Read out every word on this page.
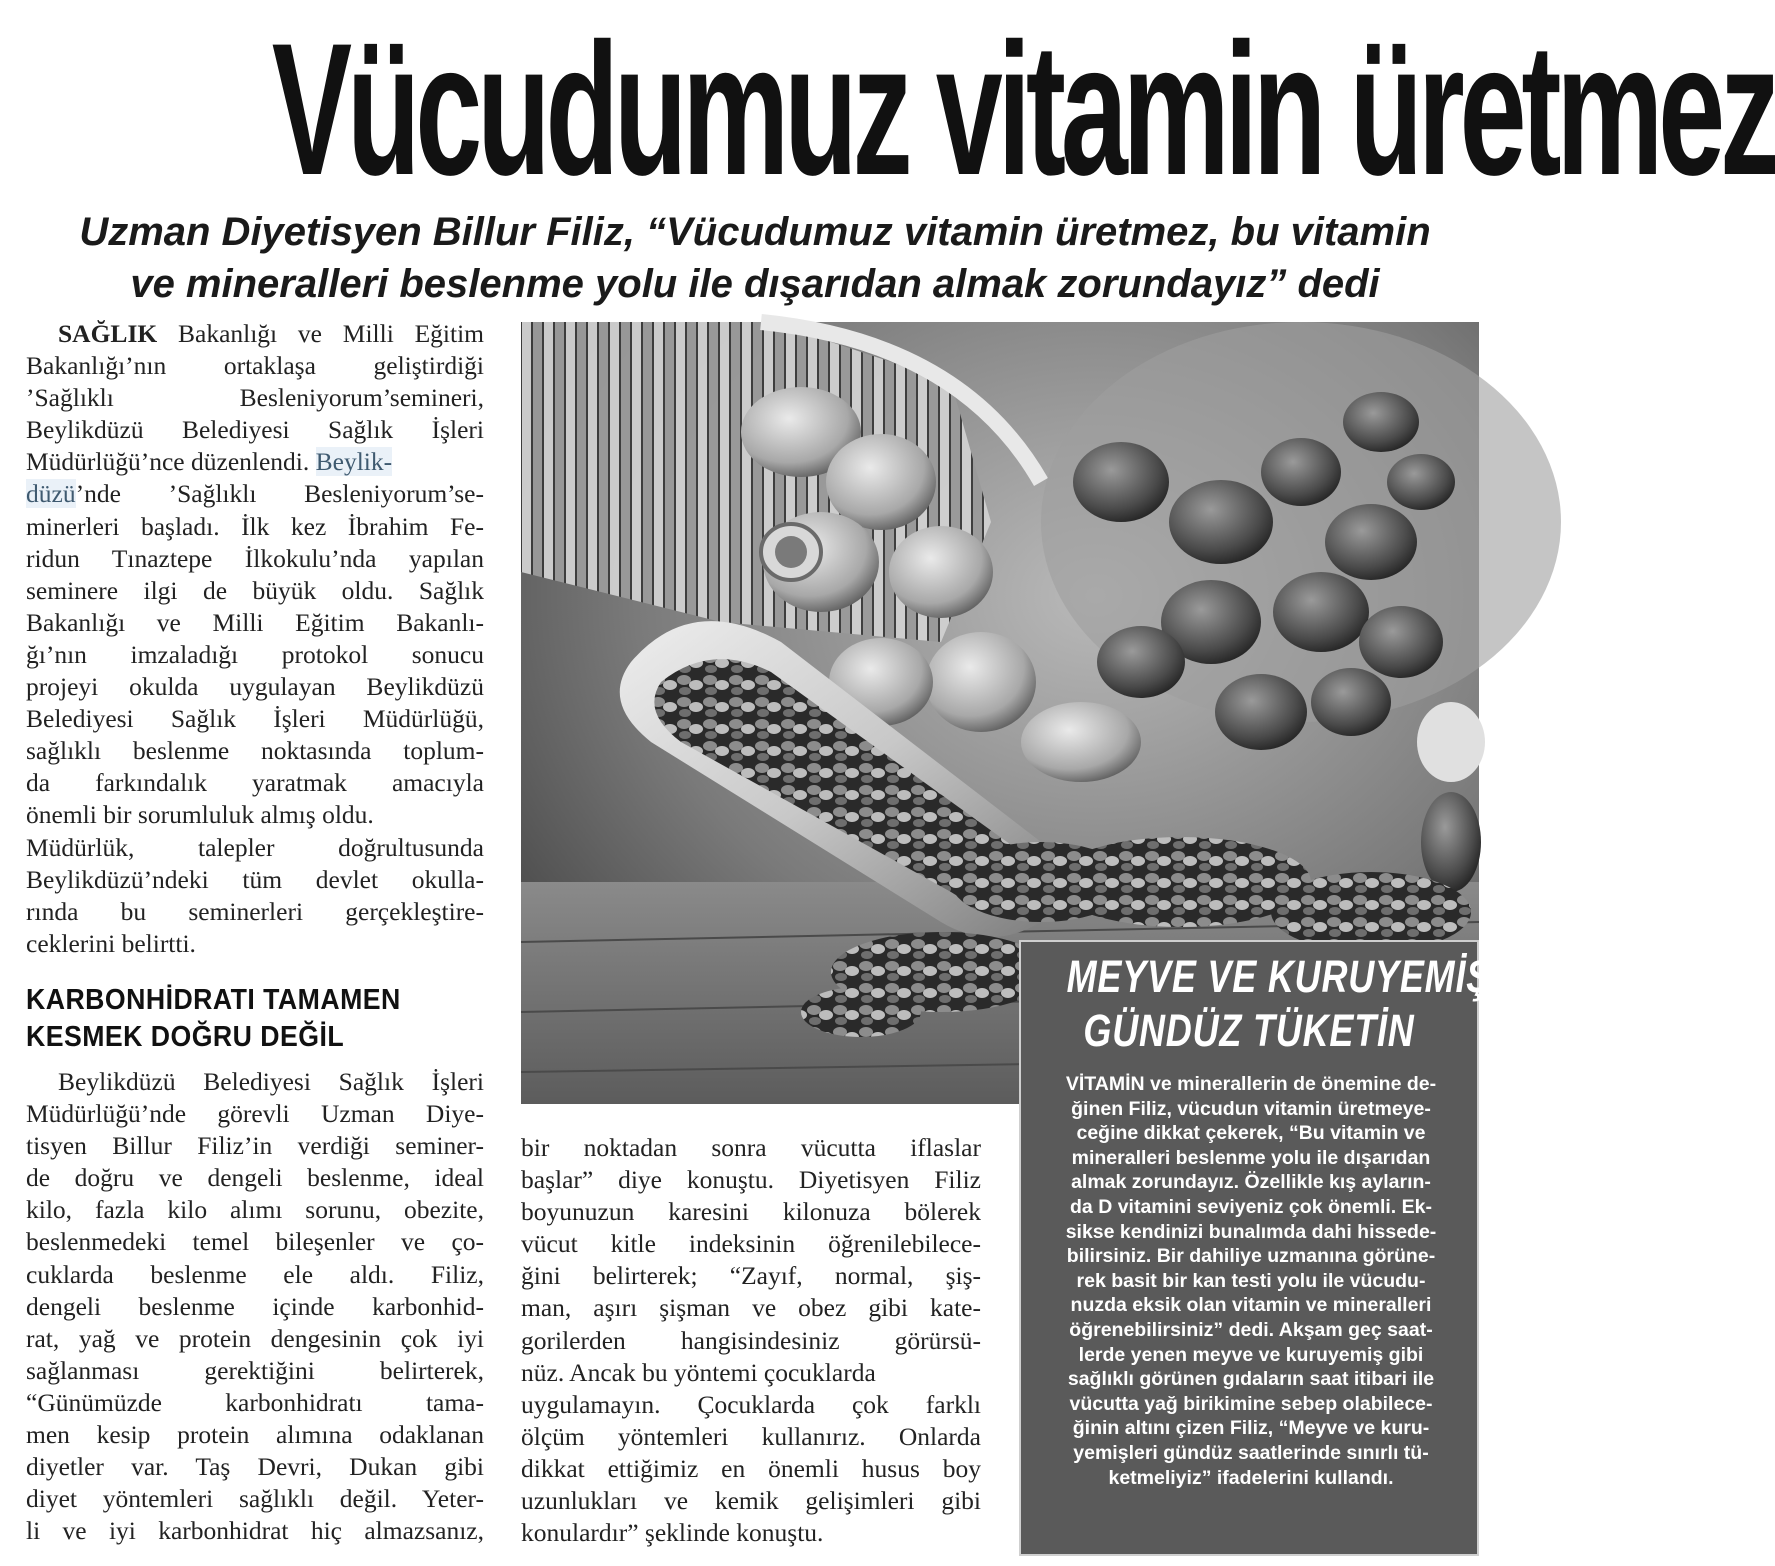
Vücudumuz vitamin üretmez
Uzman Diyetisyen Billur Filiz, “Vücudumuz vitamin üretmez, bu vitamin
ve mineralleri beslenme yolu ile dışarıdan almak zorundayız” dedi

SAĞLIK Bakanlığı ve Milli Eğitim

Bakanlığı’nın ortaklaşa geliştirdiği

’Sağlıklı Besleniyorum’semineri,

Beylikdüzü Belediyesi Sağlık İşleri

Müdürlüğü’nce düzenlendi. Beylik-

düzü’nde ’Sağlıklı Besleniyorum’se-

minerleri başladı. İlk kez İbrahim Fe-

ridun Tınaztepe İlkokulu’nda yapılan

seminere ilgi de büyük oldu. Sağlık

Bakanlığı ve Milli Eğitim Bakanlı-

ğı’nın imzaladığı protokol sonucu

projeyi okulda uygulayan Beylikdüzü

Belediyesi Sağlık İşleri Müdürlüğü,

sağlıklı beslenme noktasında toplum-

da farkındalık yaratmak amacıyla

önemli bir sorumluluk almış oldu.

Müdürlük, talepler doğrultusunda

Beylikdüzü’ndeki tüm devlet okulla-

rında bu seminerleri gerçekleştire-

ceklerini belirtti.

KARBONHİDRATI TAMAMEN
KESMEK DOĞRU DEĞİL

Beylikdüzü Belediyesi Sağlık İşleri

Müdürlüğü’nde görevli Uzman Diye-

tisyen Billur Filiz’in verdiği seminer-

de doğru ve dengeli beslenme, ideal

kilo, fazla kilo alımı sorunu, obezite,

beslenmedeki temel bileşenler ve ço-

cuklarda beslenme ele aldı. Filiz,

dengeli beslenme içinde karbonhid-

rat, yağ ve protein dengesinin çok iyi

sağlanması gerektiğini belirterek,

“Günümüzde karbonhidratı tama-

men kesip protein alımına odaklanan

diyetler var. Taş Devri, Dukan gibi

diyet yöntemleri sağlıklı değil. Yeter-

li ve iyi karbonhidrat hiç almazsanız,

bir noktadan sonra vücutta iflaslar

başlar” diye konuştu. Diyetisyen Filiz

boyunuzun karesini kilonuza bölerek

vücut kitle indeksinin öğrenilebilece-

ğini belirterek; “Zayıf, normal, şiş-

man, aşırı şişman ve obez gibi kate-

gorilerden hangisindesiniz görürsü-

nüz. Ancak bu yöntemi çocuklarda

uygulamayın. Çocuklarda çok farklı

ölçüm yöntemleri kullanırız. Onlarda

dikkat ettiğimiz en önemli husus boy

uzunlukları ve kemik gelişimleri gibi

konulardır” şeklinde konuştu.

MEYVE VE KURUYEMİŞİ
GÜNDÜZ TÜKETİN
VİTAMİN ve minerallerin de önemine de-
ğinen Filiz, vücudun vitamin üretmeye-
ceğine dikkat çekerek, “Bu vitamin ve
mineralleri beslenme yolu ile dışarıdan
almak zorundayız. Özellikle kış ayların-
da D vitamini seviyeniz çok önemli. Ek-
sikse kendinizi bunalımda dahi hissede-
bilirsiniz. Bir dahiliye uzmanına görüne-
rek basit bir kan testi yolu ile vücudu-
nuzda eksik olan vitamin ve mineralleri
öğrenebilirsiniz” dedi. Akşam geç saat-
lerde yenen meyve ve kuruyemiş gibi
sağlıklı görünen gıdaların saat itibari ile
vücutta yağ birikimine sebep olabilece-
ğinin altını çizen Filiz, “Meyve ve kuru-
yemişleri gündüz saatlerinde sınırlı tü-
ketmeliyiz” ifadelerini kullandı.
